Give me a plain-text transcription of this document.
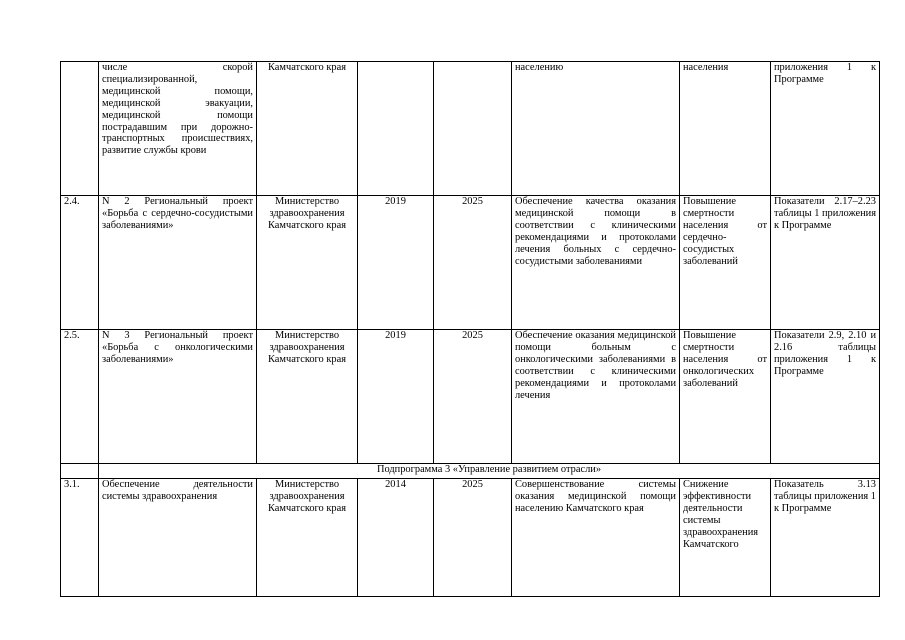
	числе скорой специализированной, медицинской помощи, медицинской эвакуации, медицинской помощи пострадавшим при дорожно-транспортных происшествиях, развитие службы крови	Камчатского края			населению	населения	приложения 1 к Программе

2.4.	N 2 Региональный проект «Борьба с сердечно-сосудистыми заболеваниями»	Министерство здравоохранения Камчатского края	2019	2025	Обеспечение качества оказания медицинской помощи в соответствии с клиническими рекомендациями и протоколами лечения больных с сердечно-сосудистыми заболеваниями	Повышение смертности населения от сердечно-сосудистых заболеваний	Показатели 2.17–2.23 таблицы 1 приложения к Программе

2.5.	N 3 Региональный проект «Борьба с онкологическими заболеваниями»	Министерство здравоохранения Камчатского края	2019	2025	Обеспечение оказания медицинской помощи больным с онкологическими заболеваниями в соответствии с клиническими рекомендациями и протоколами лечения	Повышение смертности населения от онкологических заболеваний	Показатели 2.9, 2.10 и 2.16 таблицы приложения 1 к Программе

	Подпрограмма 3 «Управление развитием отрасли»						
3.1.	Обеспечение деятельности системы здравоохранения	Министерство здравоохранения Камчатского края	2014	2025	Совершенствование системы оказания медицинской помощи населению Камчатского края	Снижение эффективности деятельности системы здравоохранения Камчатского	Показатель 3.13 таблицы приложения 1 к Программе
